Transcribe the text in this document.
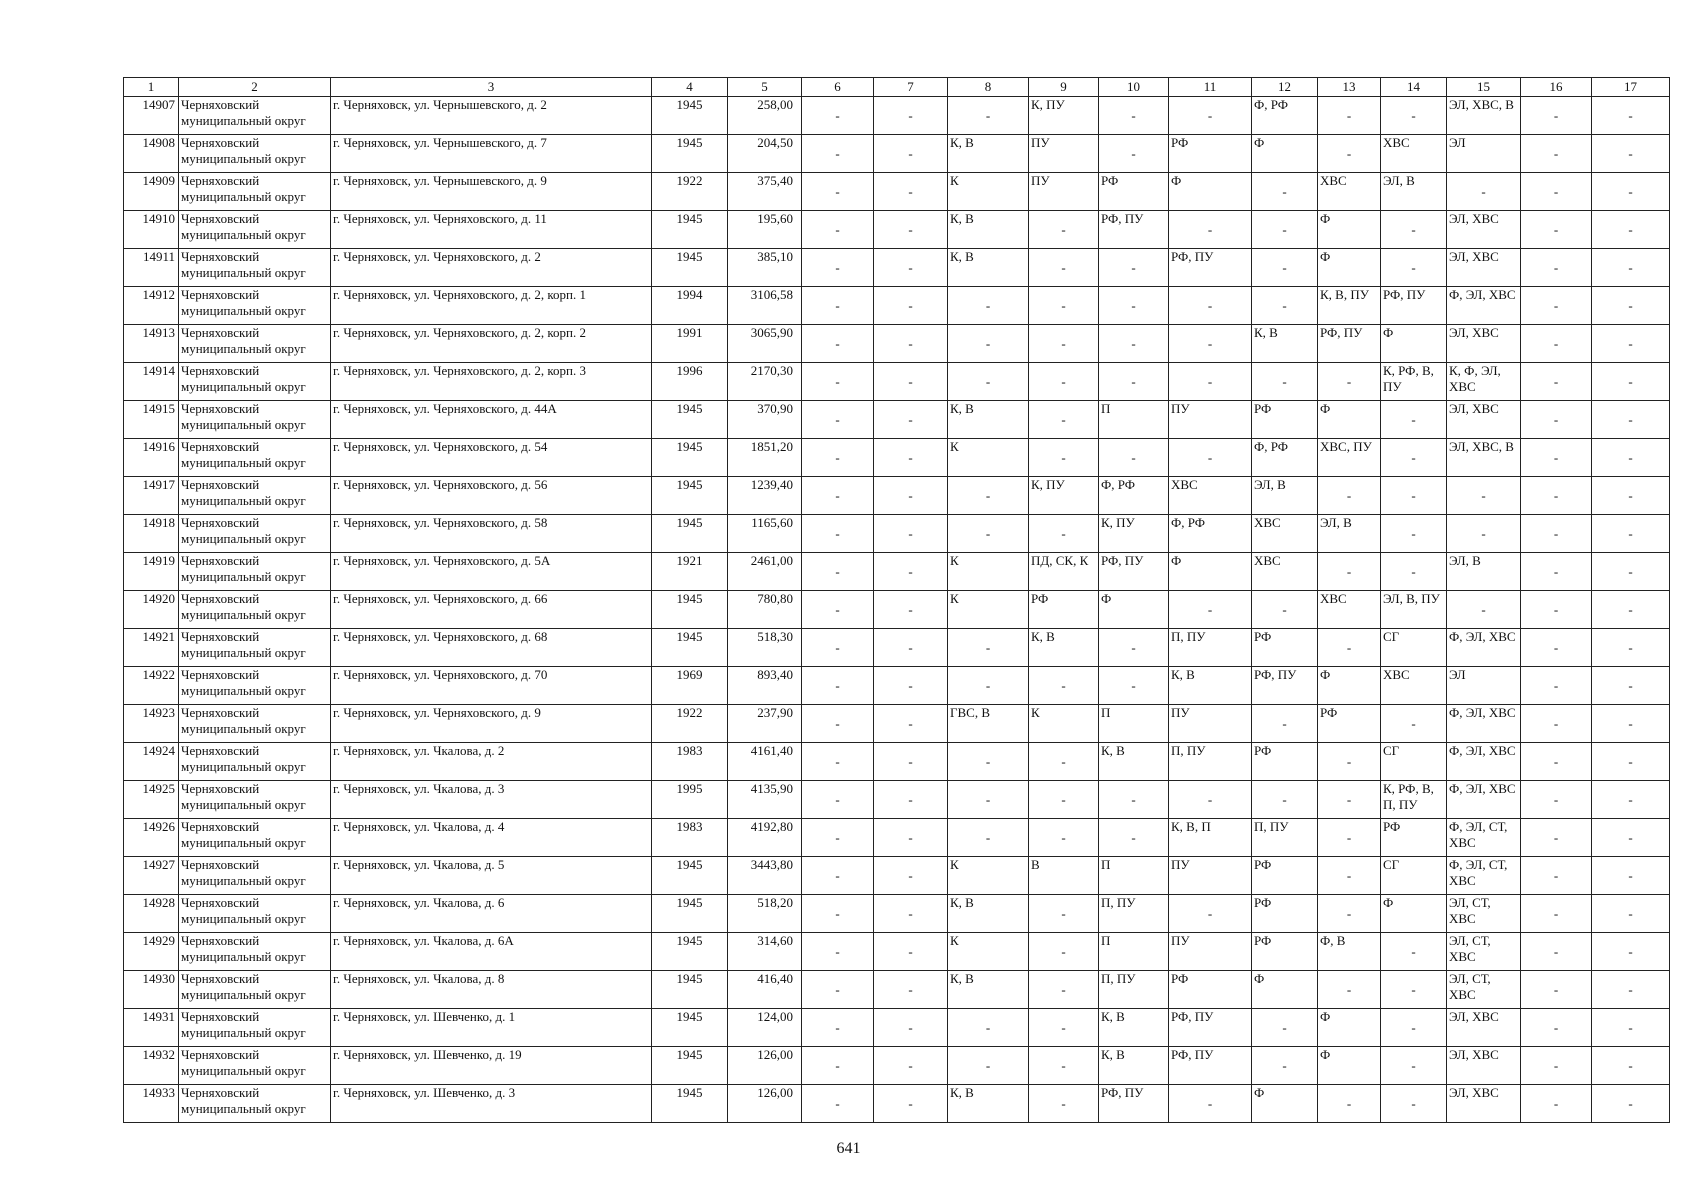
1	2	3	4	5	6	7	8	9	10	11	12	13	14	15	16	17
14907	Черняховский муниципальный округ	г. Черняховск, ул. Чернышевского, д. 2	1945	258,00	-	-	-	К, ПУ	-	-	Ф, РФ	-	-	ЭЛ, ХВС, В	-	-
14908	Черняховский муниципальный округ	г. Черняховск, ул. Чернышевского, д. 7	1945	204,50	-	-	К, В	ПУ	-	РФ	Ф	-	ХВС	ЭЛ	-	-
14909	Черняховский муниципальный округ	г. Черняховск, ул. Чернышевского, д. 9	1922	375,40	-	-	К	ПУ	РФ	Ф	-	ХВС	ЭЛ, В	-	-	-
14910	Черняховский муниципальный округ	г. Черняховск, ул. Черняховского, д. 11	1945	195,60	-	-	К, В	-	РФ, ПУ	-	-	Ф	-	ЭЛ, ХВС	-	-
14911	Черняховский муниципальный округ	г. Черняховск, ул. Черняховского, д. 2	1945	385,10	-	-	К, В	-	-	РФ, ПУ	-	Ф	-	ЭЛ, ХВС	-	-
14912	Черняховский муниципальный округ	г. Черняховск, ул. Черняховского, д. 2, корп. 1	1994	3106,58	-	-	-	-	-	-	-	К, В, ПУ	РФ, ПУ	Ф, ЭЛ, ХВС	-	-
14913	Черняховский муниципальный округ	г. Черняховск, ул. Черняховского, д. 2, корп. 2	1991	3065,90	-	-	-	-	-	-	К, В	РФ, ПУ	Ф	ЭЛ, ХВС	-	-
14914	Черняховский муниципальный округ	г. Черняховск, ул. Черняховского, д. 2, корп. 3	1996	2170,30	-	-	-	-	-	-	-	-	К, РФ, В, ПУ	К, Ф, ЭЛ, ХВС	-	-
14915	Черняховский муниципальный округ	г. Черняховск, ул. Черняховского, д. 44А	1945	370,90	-	-	К, В	-	П	ПУ	РФ	Ф	-	ЭЛ, ХВС	-	-
14916	Черняховский муниципальный округ	г. Черняховск, ул. Черняховского, д. 54	1945	1851,20	-	-	К	-	-	-	Ф, РФ	ХВС, ПУ	-	ЭЛ, ХВС, В	-	-
14917	Черняховский муниципальный округ	г. Черняховск, ул. Черняховского, д. 56	1945	1239,40	-	-	-	К, ПУ	Ф, РФ	ХВС	ЭЛ, В	-	-	-	-	-
14918	Черняховский муниципальный округ	г. Черняховск, ул. Черняховского, д. 58	1945	1165,60	-	-	-	-	К, ПУ	Ф, РФ	ХВС	ЭЛ, В	-	-	-	-
14919	Черняховский муниципальный округ	г. Черняховск, ул. Черняховского, д. 5А	1921	2461,00	-	-	К	ПД, СК, К	РФ, ПУ	Ф	ХВС	-	-	ЭЛ, В	-	-
14920	Черняховский муниципальный округ	г. Черняховск, ул. Черняховского, д. 66	1945	780,80	-	-	К	РФ	Ф	-	-	ХВС	ЭЛ, В, ПУ	-	-	-
14921	Черняховский муниципальный округ	г. Черняховск, ул. Черняховского, д. 68	1945	518,30	-	-	-	К, В	-	П, ПУ	РФ	-	СГ	Ф, ЭЛ, ХВС	-	-
14922	Черняховский муниципальный округ	г. Черняховск, ул. Черняховского, д. 70	1969	893,40	-	-	-	-	-	К, В	РФ, ПУ	Ф	ХВС	ЭЛ	-	-
14923	Черняховский муниципальный округ	г. Черняховск, ул. Черняховского, д. 9	1922	237,90	-	-	ГВС, В	К	П	ПУ	-	РФ	-	Ф, ЭЛ, ХВС	-	-
14924	Черняховский муниципальный округ	г. Черняховск, ул. Чкалова, д. 2	1983	4161,40	-	-	-	-	К, В	П, ПУ	РФ	-	СГ	Ф, ЭЛ, ХВС	-	-
14925	Черняховский муниципальный округ	г. Черняховск, ул. Чкалова, д. 3	1995	4135,90	-	-	-	-	-	-	-	-	К, РФ, В, П, ПУ	Ф, ЭЛ, ХВС	-	-
14926	Черняховский муниципальный округ	г. Черняховск, ул. Чкалова, д. 4	1983	4192,80	-	-	-	-	-	К, В, П	П, ПУ	-	РФ	Ф, ЭЛ, СТ, ХВС	-	-
14927	Черняховский муниципальный округ	г. Черняховск, ул. Чкалова, д. 5	1945	3443,80	-	-	К	В	П	ПУ	РФ	-	СГ	Ф, ЭЛ, СТ, ХВС	-	-
14928	Черняховский муниципальный округ	г. Черняховск, ул. Чкалова, д. 6	1945	518,20	-	-	К, В	-	П, ПУ	-	РФ	-	Ф	ЭЛ, СТ, ХВС	-	-
14929	Черняховский муниципальный округ	г. Черняховск, ул. Чкалова, д. 6А	1945	314,60	-	-	К	-	П	ПУ	РФ	Ф, В	-	ЭЛ, СТ, ХВС	-	-
14930	Черняховский муниципальный округ	г. Черняховск, ул. Чкалова, д. 8	1945	416,40	-	-	К, В	-	П, ПУ	РФ	Ф	-	-	ЭЛ, СТ, ХВС	-	-
14931	Черняховский муниципальный округ	г. Черняховск, ул. Шевченко, д. 1	1945	124,00	-	-	-	-	К, В	РФ, ПУ	-	Ф	-	ЭЛ, ХВС	-	-
14932	Черняховский муниципальный округ	г. Черняховск, ул. Шевченко, д. 19	1945	126,00	-	-	-	-	К, В	РФ, ПУ	-	Ф	-	ЭЛ, ХВС	-	-
14933	Черняховский муниципальный округ	г. Черняховск, ул. Шевченко, д. 3	1945	126,00	-	-	К, В	-	РФ, ПУ	-	Ф	-	-	ЭЛ, ХВС	-	-
641
